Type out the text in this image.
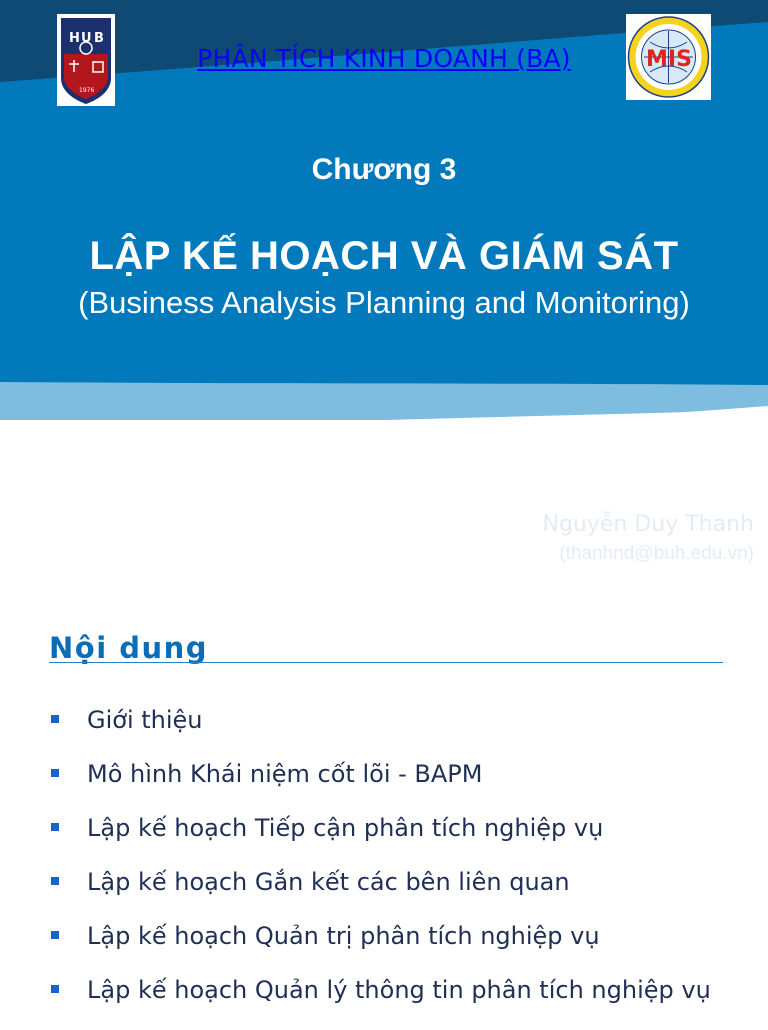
H U B
1976
PHÂN TÍCH KINH DOANH (BA)	MIS
Chương 3
LẬP KẾ HOẠCH VÀ GIÁM SÁT
(Business Analysis Planning and Monitoring)
Nguyễn Duy Thanh
(thanhnd@buh.edu.vn)
Nội dung
Giới thiệu
Mô hình Khái niệm cốt lõi - BAPM
Lập kế hoạch Tiếp cận phân tích nghiệp vụ
Lập kế hoạch Gắn kết các bên liên quan
Lập kế hoạch Quản trị phân tích nghiệp vụ
Lập kế hoạch Quản lý thông tin phân tích nghiệp vụ
